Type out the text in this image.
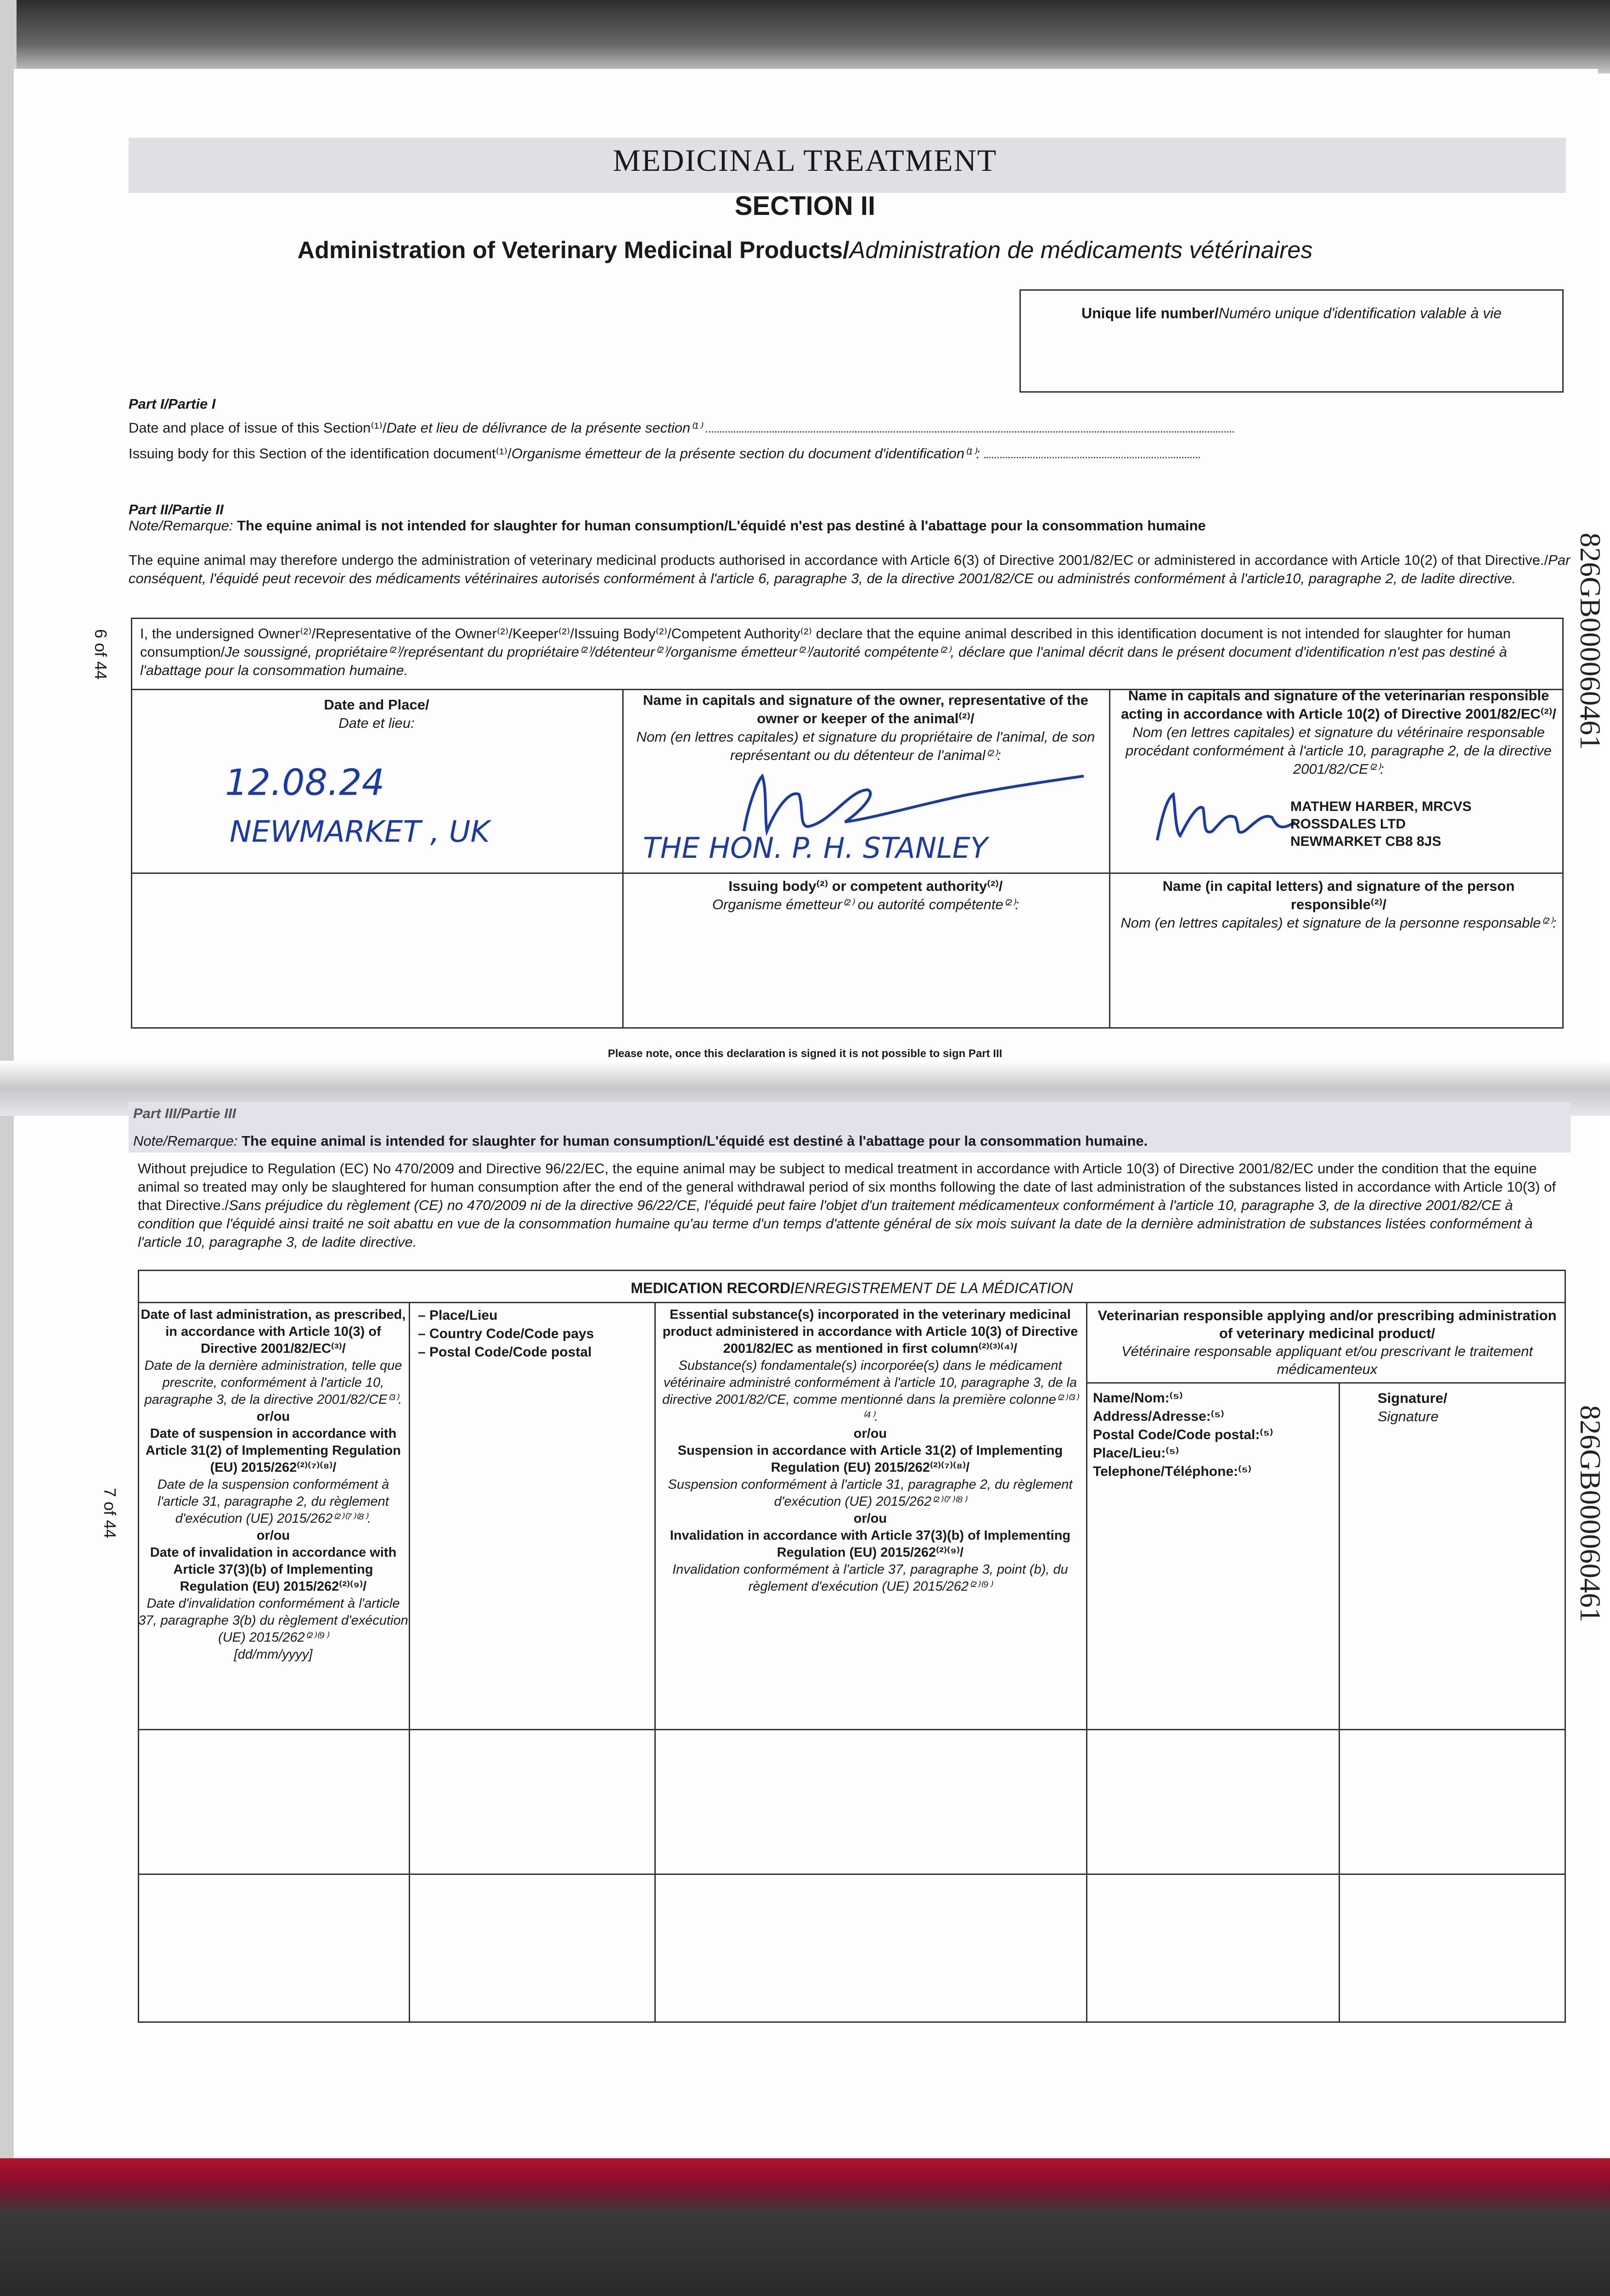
MEDICINAL TREATMENT
SECTION II
Administration of Veterinary Medicinal Products/Administration de médicaments vétérinaires
Unique life number/Numéro unique d'identification valable à vie
826GB000060461
826GB000060461
6 of 44
7 of 44
Part I/Partie I
Date and place of issue of this Section⁽¹⁾/Date et lieu de délivrance de la présente section⁽¹⁾
Issuing body for this Section of the identification document⁽¹⁾/Organisme émetteur de la présente section du document d'identification⁽¹⁾:
Part II/Partie II
Note/Remarque: The equine animal is not intended for slaughter for human consumption/L'équidé n'est pas destiné à l'abattage pour la consommation humaine
The equine animal may therefore undergo the administration of veterinary medicinal products authorised in accordance with Article 6(3) of Directive 2001/82/EC or administered in accordance with Article 10(2) of that Directive./Par conséquent, l'équidé peut recevoir des médicaments vétérinaires autorisés conformément à l'article 6, paragraphe 3, de la directive 2001/82/CE ou administrés conformément à l'article10, paragraphe 2, de ladite directive.
I, the undersigned Owner⁽²⁾/Representative of the Owner⁽²⁾/Keeper⁽²⁾/Issuing Body⁽²⁾/Competent Authority⁽²⁾ declare that the equine animal described in this identification document is not intended for slaughter for human consumption/Je soussigné, propriétaire⁽²⁾/représentant du propriétaire⁽²⁾/détenteur⁽²⁾/organisme émetteur⁽²⁾/autorité compétente⁽²⁾, déclare que l'animal décrit dans le présent document d'identification n'est pas destiné à l'abattage pour la consommation humaine.
Date and Place/
Date et lieu:
Name in capitals and signature of the owner, representative of the owner or keeper of the animal⁽²⁾/
Nom (en lettres capitales) et signature du propriétaire de l'animal, de son représentant ou du détenteur de l'animal⁽²⁾:
Name in capitals and signature of the veterinarian responsible acting in accordance with Article 10(2) of Directive 2001/82/EC⁽²⁾/
Nom (en lettres capitales) et signature du vétérinaire responsable procédant conformément à l'article 10, paragraphe 2, de la directive 2001/82/CE⁽²⁾:
12.08.24
NEWMARKET , UK	THE HON. P. H. STANLEY
MATHEW HARBER, MRCVS
ROSSDALES LTD
NEWMARKET CB8 8JS
Issuing body⁽²⁾ or competent authority⁽²⁾/
Organisme émetteur⁽²⁾ ou autorité compétente⁽²⁾:
Name (in capital letters) and signature of the person responsible⁽²⁾/
Nom (en lettres capitales) et signature de la personne responsable⁽²⁾:
Please note, once this declaration is signed it is not possible to sign Part III
Part III/Partie III
Note/Remarque: The equine animal is intended for slaughter for human consumption/L'équidé est destiné à l'abattage pour la consommation humaine.
Without prejudice to Regulation (EC) No 470/2009 and Directive 96/22/EC, the equine animal may be subject to medical treatment in accordance with Article 10(3) of Directive 2001/82/EC under the condition that the equine animal so treated may only be slaughtered for human consumption after the end of the general withdrawal period of six months following the date of last administration of the substances listed in accordance with Article 10(3) of that Directive./Sans préjudice du règlement (CE) no 470/2009 ni de la directive 96/22/CE, l'équidé peut faire l'objet d'un traitement médicamenteux conformément à l'article 10, paragraphe 3, de la directive 2001/82/CE à condition que l'équidé ainsi traité ne soit abattu en vue de la consommation humaine qu'au terme d'un temps d'attente général de six mois suivant la date de la dernière administration de substances listées conformément à l'article 10, paragraphe 3, de ladite directive.
MEDICATION RECORD/ENREGISTREMENT DE LA MÉDICATION
Date of last administration, as prescribed, in accordance with Article 10(3) of Directive 2001/82/EC⁽³⁾/
Date de la dernière administration, telle que prescrite, conformément à l'article 10, paragraphe 3, de la directive 2001/82/CE⁽³⁾.
or/ou
Date of suspension in accordance with Article 31(2) of Implementing Regulation (EU) 2015/262⁽²⁾⁽⁷⁾⁽⁸⁾/
Date de la suspension conformément à l'article 31, paragraphe 2, du règlement d'exécution (UE) 2015/262⁽²⁾⁽⁷⁾⁽⁸⁾.
or/ou
Date of invalidation in accordance with Article 37(3)(b) of Implementing Regulation (EU) 2015/262⁽²⁾⁽⁹⁾/
Date d'invalidation conformément à l'article 37, paragraphe 3(b) du règlement d'exécution (UE) 2015/262⁽²⁾⁽⁹⁾
[dd/mm/yyyy]
– Place/Lieu
– Country Code/Code pays
– Postal Code/Code postal
Essential substance(s) incorporated in the veterinary medicinal product administered in accordance with Article 10(3) of Directive 2001/82/EC as mentioned in first column⁽²⁾⁽³⁾⁽⁴⁾/
Substance(s) fondamentale(s) incorporée(s) dans le médicament vétérinaire administré conformément à l'article 10, paragraphe 3, de la directive 2001/82/CE, comme mentionné dans la première colonne⁽²⁾⁽³⁾⁽⁴⁾.
or/ou
Suspension in accordance with Article 31(2) of Implementing Regulation (EU) 2015/262⁽²⁾⁽⁷⁾⁽⁸⁾/
Suspension conformément à l'article 31, paragraphe 2, du règlement d'exécution (UE) 2015/262⁽²⁾⁽⁷⁾⁽⁸⁾
or/ou
Invalidation in accordance with Article 37(3)(b) of Implementing Regulation (EU) 2015/262⁽²⁾⁽⁹⁾/
Invalidation conformément à l'article 37, paragraphe 3, point (b), du règlement d'exécution (UE) 2015/262⁽²⁾⁽⁹⁾
Veterinarian responsible applying and/or prescribing administration of veterinary medicinal product/
Vétérinaire responsable appliquant et/ou prescrivant le traitement médicamenteux
Name/Nom:⁽⁵⁾
Address/Adresse:⁽⁵⁾
Postal Code/Code postal:⁽⁵⁾
Place/Lieu:⁽⁵⁾
Telephone/Téléphone:⁽⁵⁾
Signature/
Signature
